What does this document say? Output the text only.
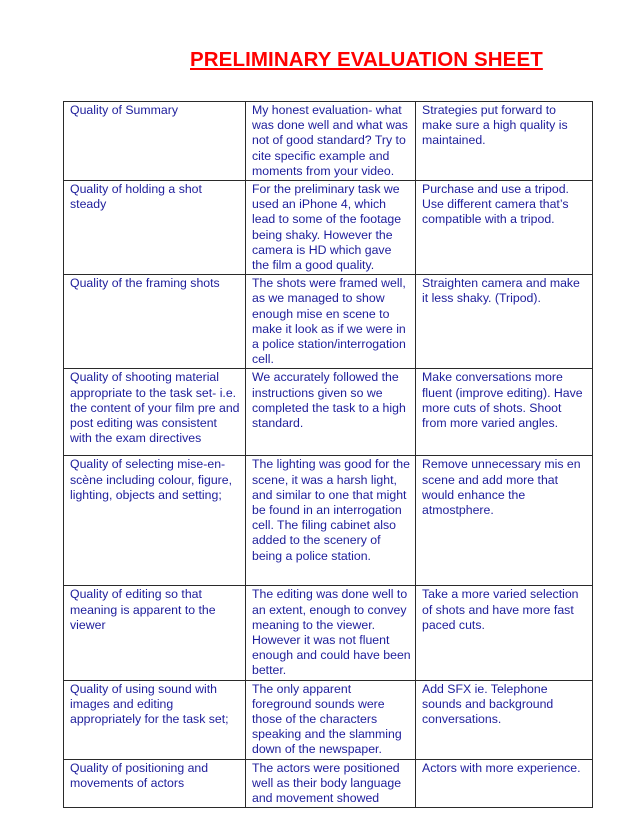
PRELIMINARY EVALUATION SHEET
Quality of Summary	My honest evaluation- what was done well and what was not of good standard? Try to cite specific example and moments from your video.	Strategies put forward to make sure a high quality is maintained.
Quality of holding a shot steady	For the preliminary task we used an iPhone 4, which lead to some of the footage being shaky. However the camera is HD which gave the film a good quality.	Purchase and use a tripod. Use different camera that’s compatible with a tripod.
Quality of the framing shots	The shots were framed well, as we managed to show enough mise en scene to make it look as if we were in a police station/interrogation cell.	Straighten camera and make it less shaky. (Tripod).
Quality of shooting material appropriate to the task set- i.e. the content of your film pre and post editing was consistent with the exam directives	We accurately followed the instructions given so we completed the task to a high standard.	Make conversations more fluent (improve editing). Have more cuts of shots. Shoot from more varied angles.
Quality of selecting mise-en-scène including colour, figure, lighting, objects and setting;	The lighting was good for the scene, it was a harsh light, and similar to one that might be found in an interrogation cell. The filing cabinet also added to the scenery of being a police station.	Remove unnecessary mis en scene and add more that would enhance the atmostphere.
Quality of editing so that meaning is apparent to the viewer	The editing was done well to an extent, enough to convey meaning to the viewer. However it was not fluent enough and could have been better.	Take a more varied selection of shots and have more fast paced cuts.
Quality of using sound with images and editing appropriately for the task set;	The only apparent foreground sounds were those of the characters speaking and the slamming down of the newspaper.	Add SFX ie. Telephone sounds and background conversations.
Quality of positioning and movements of actors	The actors were positioned well as their body language and movement showed	Actors with more experience.
